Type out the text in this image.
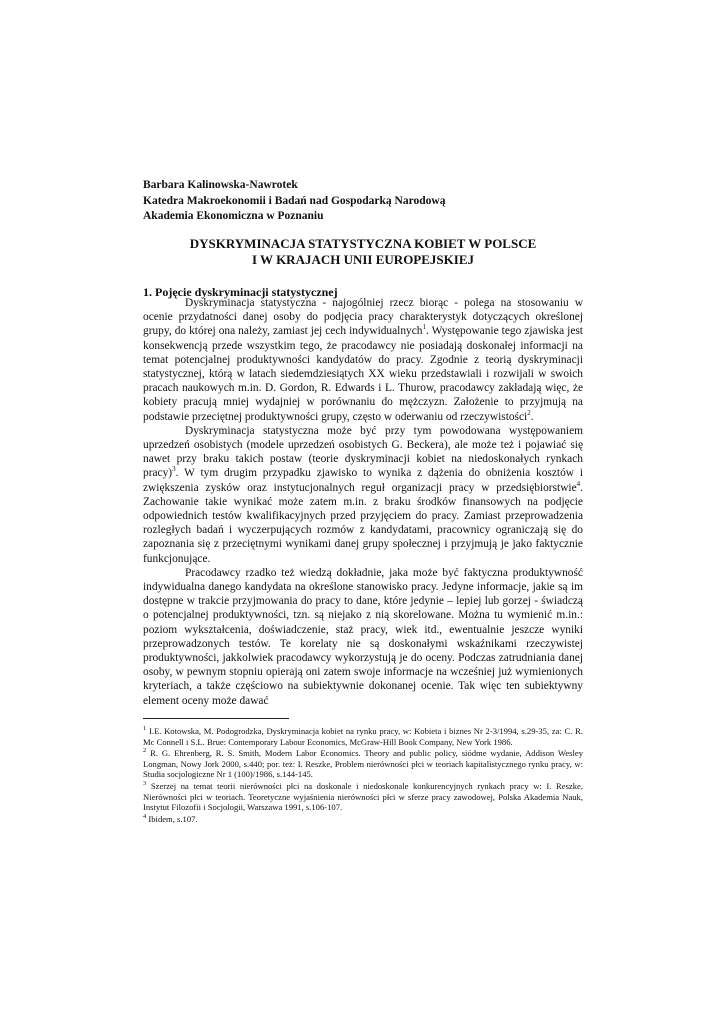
Barbara Kalinowska-Nawrotek
Katedra Makroekonomii i Badań nad Gospodarką Narodową
Akademia Ekonomiczna w Poznaniu
DYSKRYMINACJA STATYSTYCZNA KOBIET W POLSCE
I W KRAJACH UNII EUROPEJSKIEJ
1. Pojęcie dyskryminacji statystycznej

Dyskryminacja statystyczna - najogólniej rzecz biorąc - polega na stosowaniu w ocenie przydatności danej osoby do podjęcia pracy charakterystyk dotyczących określonej grupy, do której ona należy, zamiast jej cech indywidualnych$^1$. Występowanie tego zjawiska jest konsekwencją przede wszystkim tego, że pracodawcy nie posiadają doskonałej informacji na temat potencjalnej produktywności kandydatów do pracy. Zgodnie z teorią dyskryminacji statystycznej, którą w latach siedemdziesiątych XX wieku przedstawiali i rozwijali w swoich pracach naukowych m.in. D. Gordon, R. Edwards i L. Thurow, pracodawcy zakładają więc, że kobiety pracują mniej wydajniej w porównaniu do mężczyzn. Założenie to przyjmują na podstawie przeciętnej produktywności grupy, często w oderwaniu od rzeczywistości$^2$.

Dyskryminacja statystyczna może być przy tym powodowana występowaniem uprzedzeń osobistych (modele uprzedzeń osobistych G. Beckera), ale może też i pojawiać się nawet przy braku takich postaw (teorie dyskryminacji kobiet na niedoskonałych rynkach pracy)$^3$. W tym drugim przypadku zjawisko to wynika z dążenia do obniżenia kosztów i zwiększenia zysków oraz instytucjonalnych reguł organizacji pracy w przedsiębiorstwie$^4$. Zachowanie takie wynikać może zatem m.in. z braku środków finansowych na podjęcie odpowiednich testów kwalifikacyjnych przed przyjęciem do pracy. Zamiast przeprowadzenia rozległych badań i wyczerpujących rozmów z kandydatami, pracownicy ograniczają się do zapoznania się z przeciętnymi wynikami danej grupy społecznej i przyjmują je jako faktycznie funkcjonujące.

Pracodawcy rzadko też wiedzą dokładnie, jaka może być faktyczna produktywność indywidualna danego kandydata na określone stanowisko pracy. Jedyne informacje, jakie są im dostępne w trakcie przyjmowania do pracy to dane, które jedynie – lepiej lub gorzej - świadczą o potencjalnej produktywności, tzn. są niejako z nią skorelowane. Można tu wymienić m.in.: poziom wykształcenia, doświadczenie, staż pracy, wiek itd., ewentualnie jeszcze wyniki przeprowadzonych testów. Te korelaty nie są doskonałymi wskaźnikami rzeczywistej produktywności, jakkolwiek pracodawcy wykorzystują je do oceny. Podczas zatrudniania danej osoby, w pewnym stopniu opierają oni zatem swoje informacje na wcześniej już wymienionych kryteriach, a także częściowo na subiektywnie dokonanej ocenie. Tak więc ten subiektywny element oceny może dawać

$^1$ I.E. Kotowska, M. Podogrodzka, Dyskryminacja kobiet na rynku pracy, w: Kobieta i biznes Nr 2-3/1994, s.29-35, za: C. R. Mc Connell i S.L. Brue: Contemporary Labour Economics, McGraw-Hill Book Company, New York 1986.
$^2$ R. G. Ehrenberg, R. S. Smith, Modern Labor Economics. Theory and public policy, siódme wydanie, Addison Wesley Longman, Nowy Jork 2000, s.440; por. też: I. Reszke, Problem nierówności płci w teoriach kapitalistycznego rynku pracy, w: Studia socjologiczne Nr 1 (100)/1986, s.144-145.
$^3$ Szerzej na temat teorii nierówności płci na doskonale i niedoskonale konkurencyjnych rynkach pracy w: I. Reszke, Nierówności płci w teoriach. Teoretyczne wyjaśnienia nierówności płci w sferze pracy zawodowej, Polska Akademia Nauk, Instytut Filozofii i Socjologii, Warszawa 1991, s.106-107.
$^4$ Ibidem, s.107.
